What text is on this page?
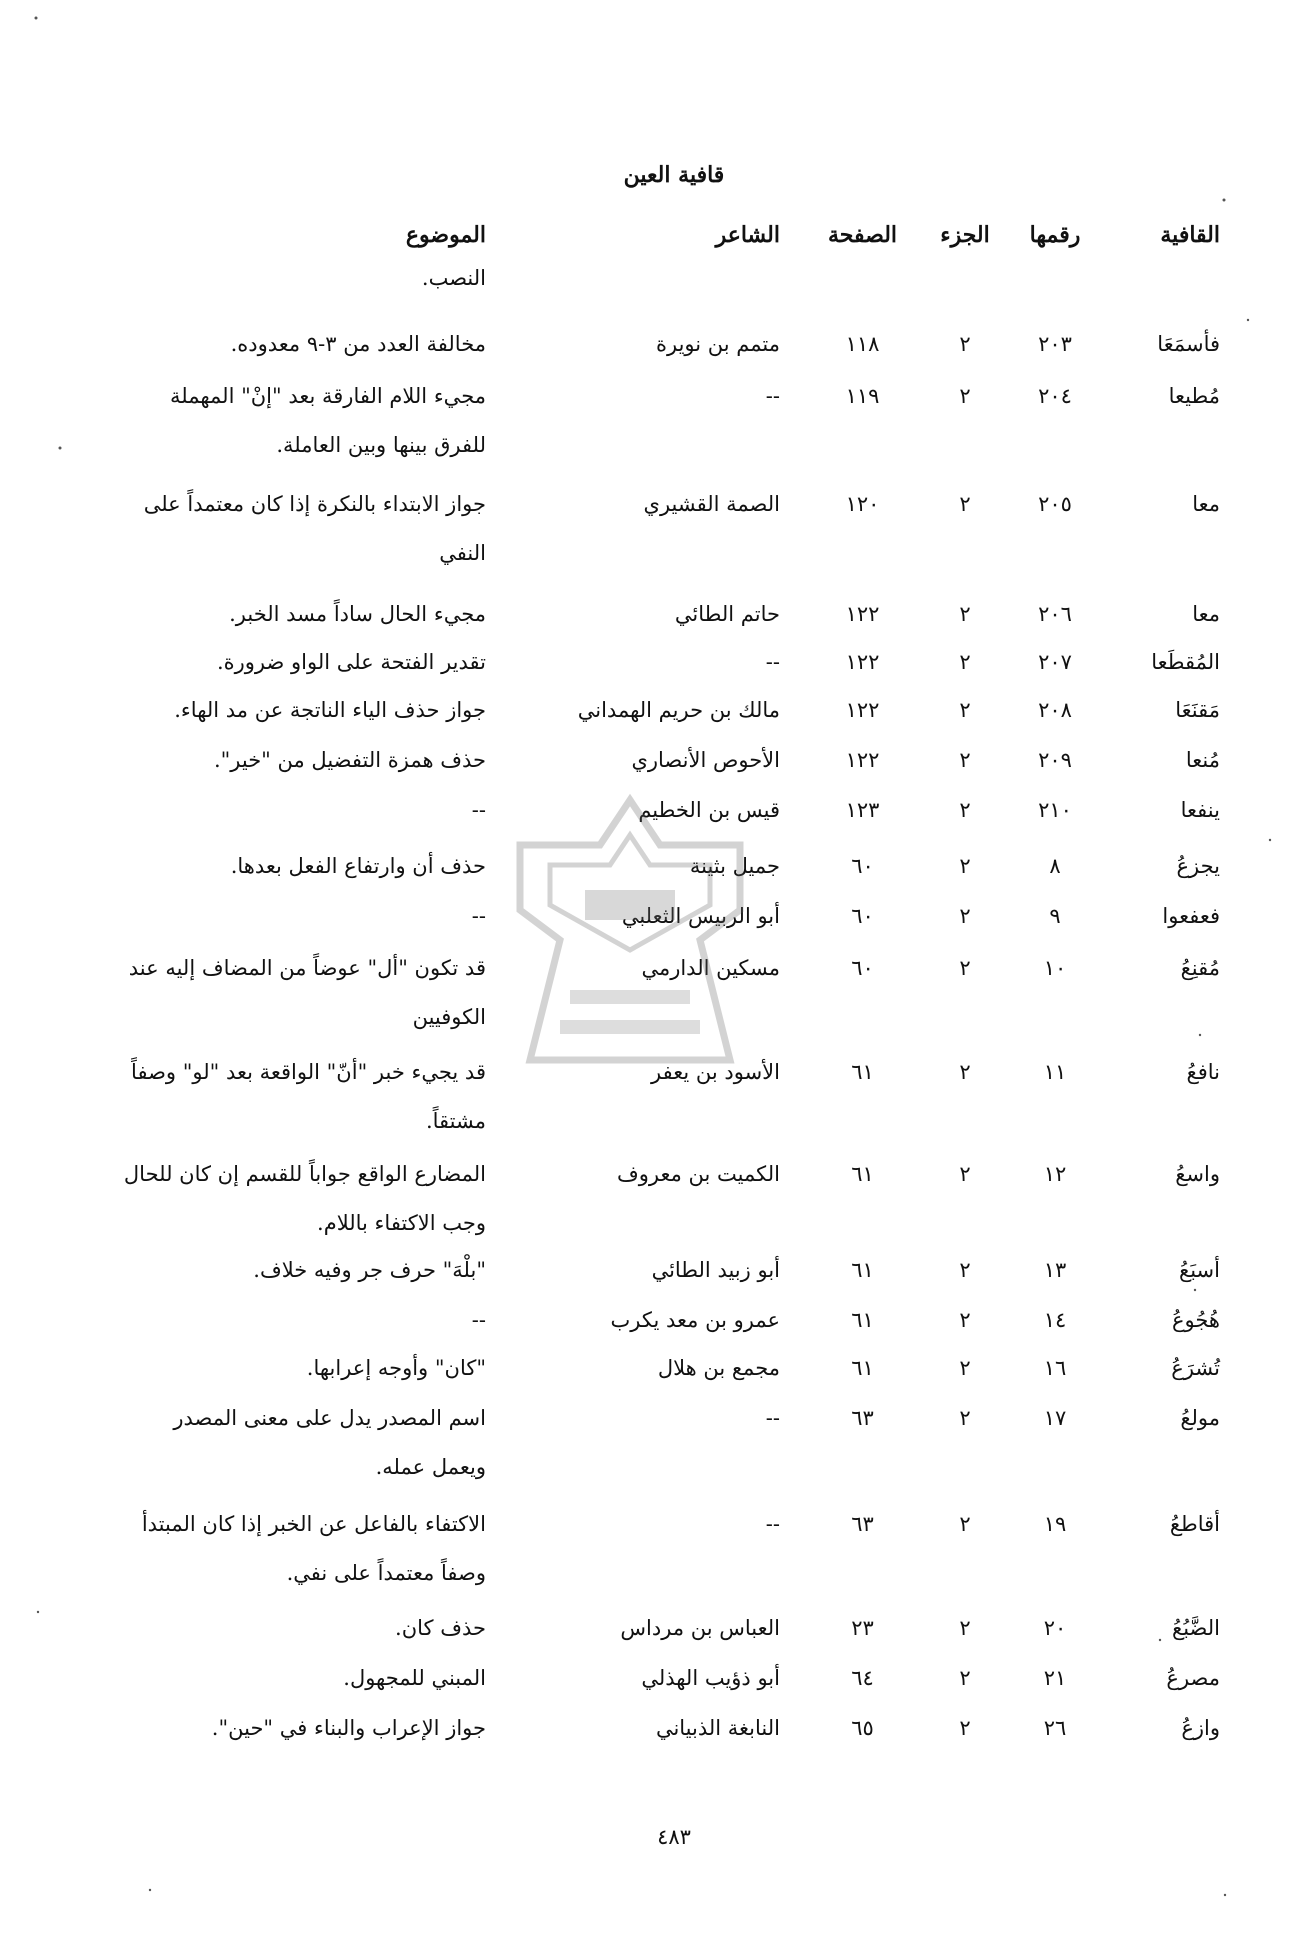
قافية العين
القافية
رقمها
الجزء
الصفحة
الشاعر
الموضوع
النصب.
فأسمَعَا
٢٠٣
٢
١١٨
متمم بن نويرة
مخالفة العدد من ٣-٩ معدوده.
مُطيعا
٢٠٤
٢
١١٩
--
مجيء اللام الفارقة بعد "إنْ" المهملة للفرق بينها وبين العاملة.
معا
٢٠٥
٢
١٢٠
الصمة القشيري
جواز الابتداء بالنكرة إذا كان معتمداً على النفي
معا
٢٠٦
٢
١٢٢
حاتم الطائي
مجيء الحال ساداً مسد الخبر.
المُقطَعا
٢٠٧
٢
١٢٢
--
تقدير الفتحة على الواو ضرورة.
مَقنَعَا
٢٠٨
٢
١٢٢
مالك بن حريم الهمداني
جواز حذف الياء الناتجة عن مد الهاء.
مُنعا
٢٠٩
٢
١٢٢
الأحوص الأنصاري
حذف همزة التفضيل من "خير".
ينفعا
٢١٠
٢
١٢٣
قيس بن الخطيم
--
يجزعُ
٨
٢
٦٠
جميل بثينة
حذف أن وارتفاع الفعل بعدها.
فعفعوا
٩
٢
٦٠
أبو الربيس الثعلبي
--
مُقنِعُ
١٠
٢
٦٠
مسكين الدارمي
قد تكون "أل" عوضاً من المضاف إليه عند الكوفيين
نافعُ
١١
٢
٦١
الأسود بن يعفر
قد يجيء خبر "أنّ" الواقعة بعد "لو" وصفاً مشتقاً.
واسعُ
١٢
٢
٦١
الكميت بن معروف
المضارع الواقع جواباً للقسم إن كان للحال وجب الاكتفاء باللام.
أسبَعُ
١٣
٢
٦١
أبو زبيد الطائي
"بلْهَ" حرف جر وفيه خلاف.
هُجُوعُ
١٤
٢
٦١
عمرو بن معد يكرب
--
تُشرَعُ
١٦
٢
٦١
مجمع بن هلال
"كان" وأوجه إعرابها.
مولعُ
١٧
٢
٦٣
--
اسم المصدر يدل على معنى المصدر ويعمل عمله.
أقاطعُ
١٩
٢
٦٣
--
الاكتفاء بالفاعل عن الخبر إذا كان المبتدأ وصفاً معتمداً على نفي.
الضَّبُعُ
٢٠
٢
٢٣
العباس بن مرداس
حذف كان.
مصرعُ
٢١
٢
٦٤
أبو ذؤيب الهذلي
المبني للمجهول.
وازعُ
٢٦
٢
٦٥
النابغة الذبياني
جواز الإعراب والبناء في "حين".
٤٨٣
